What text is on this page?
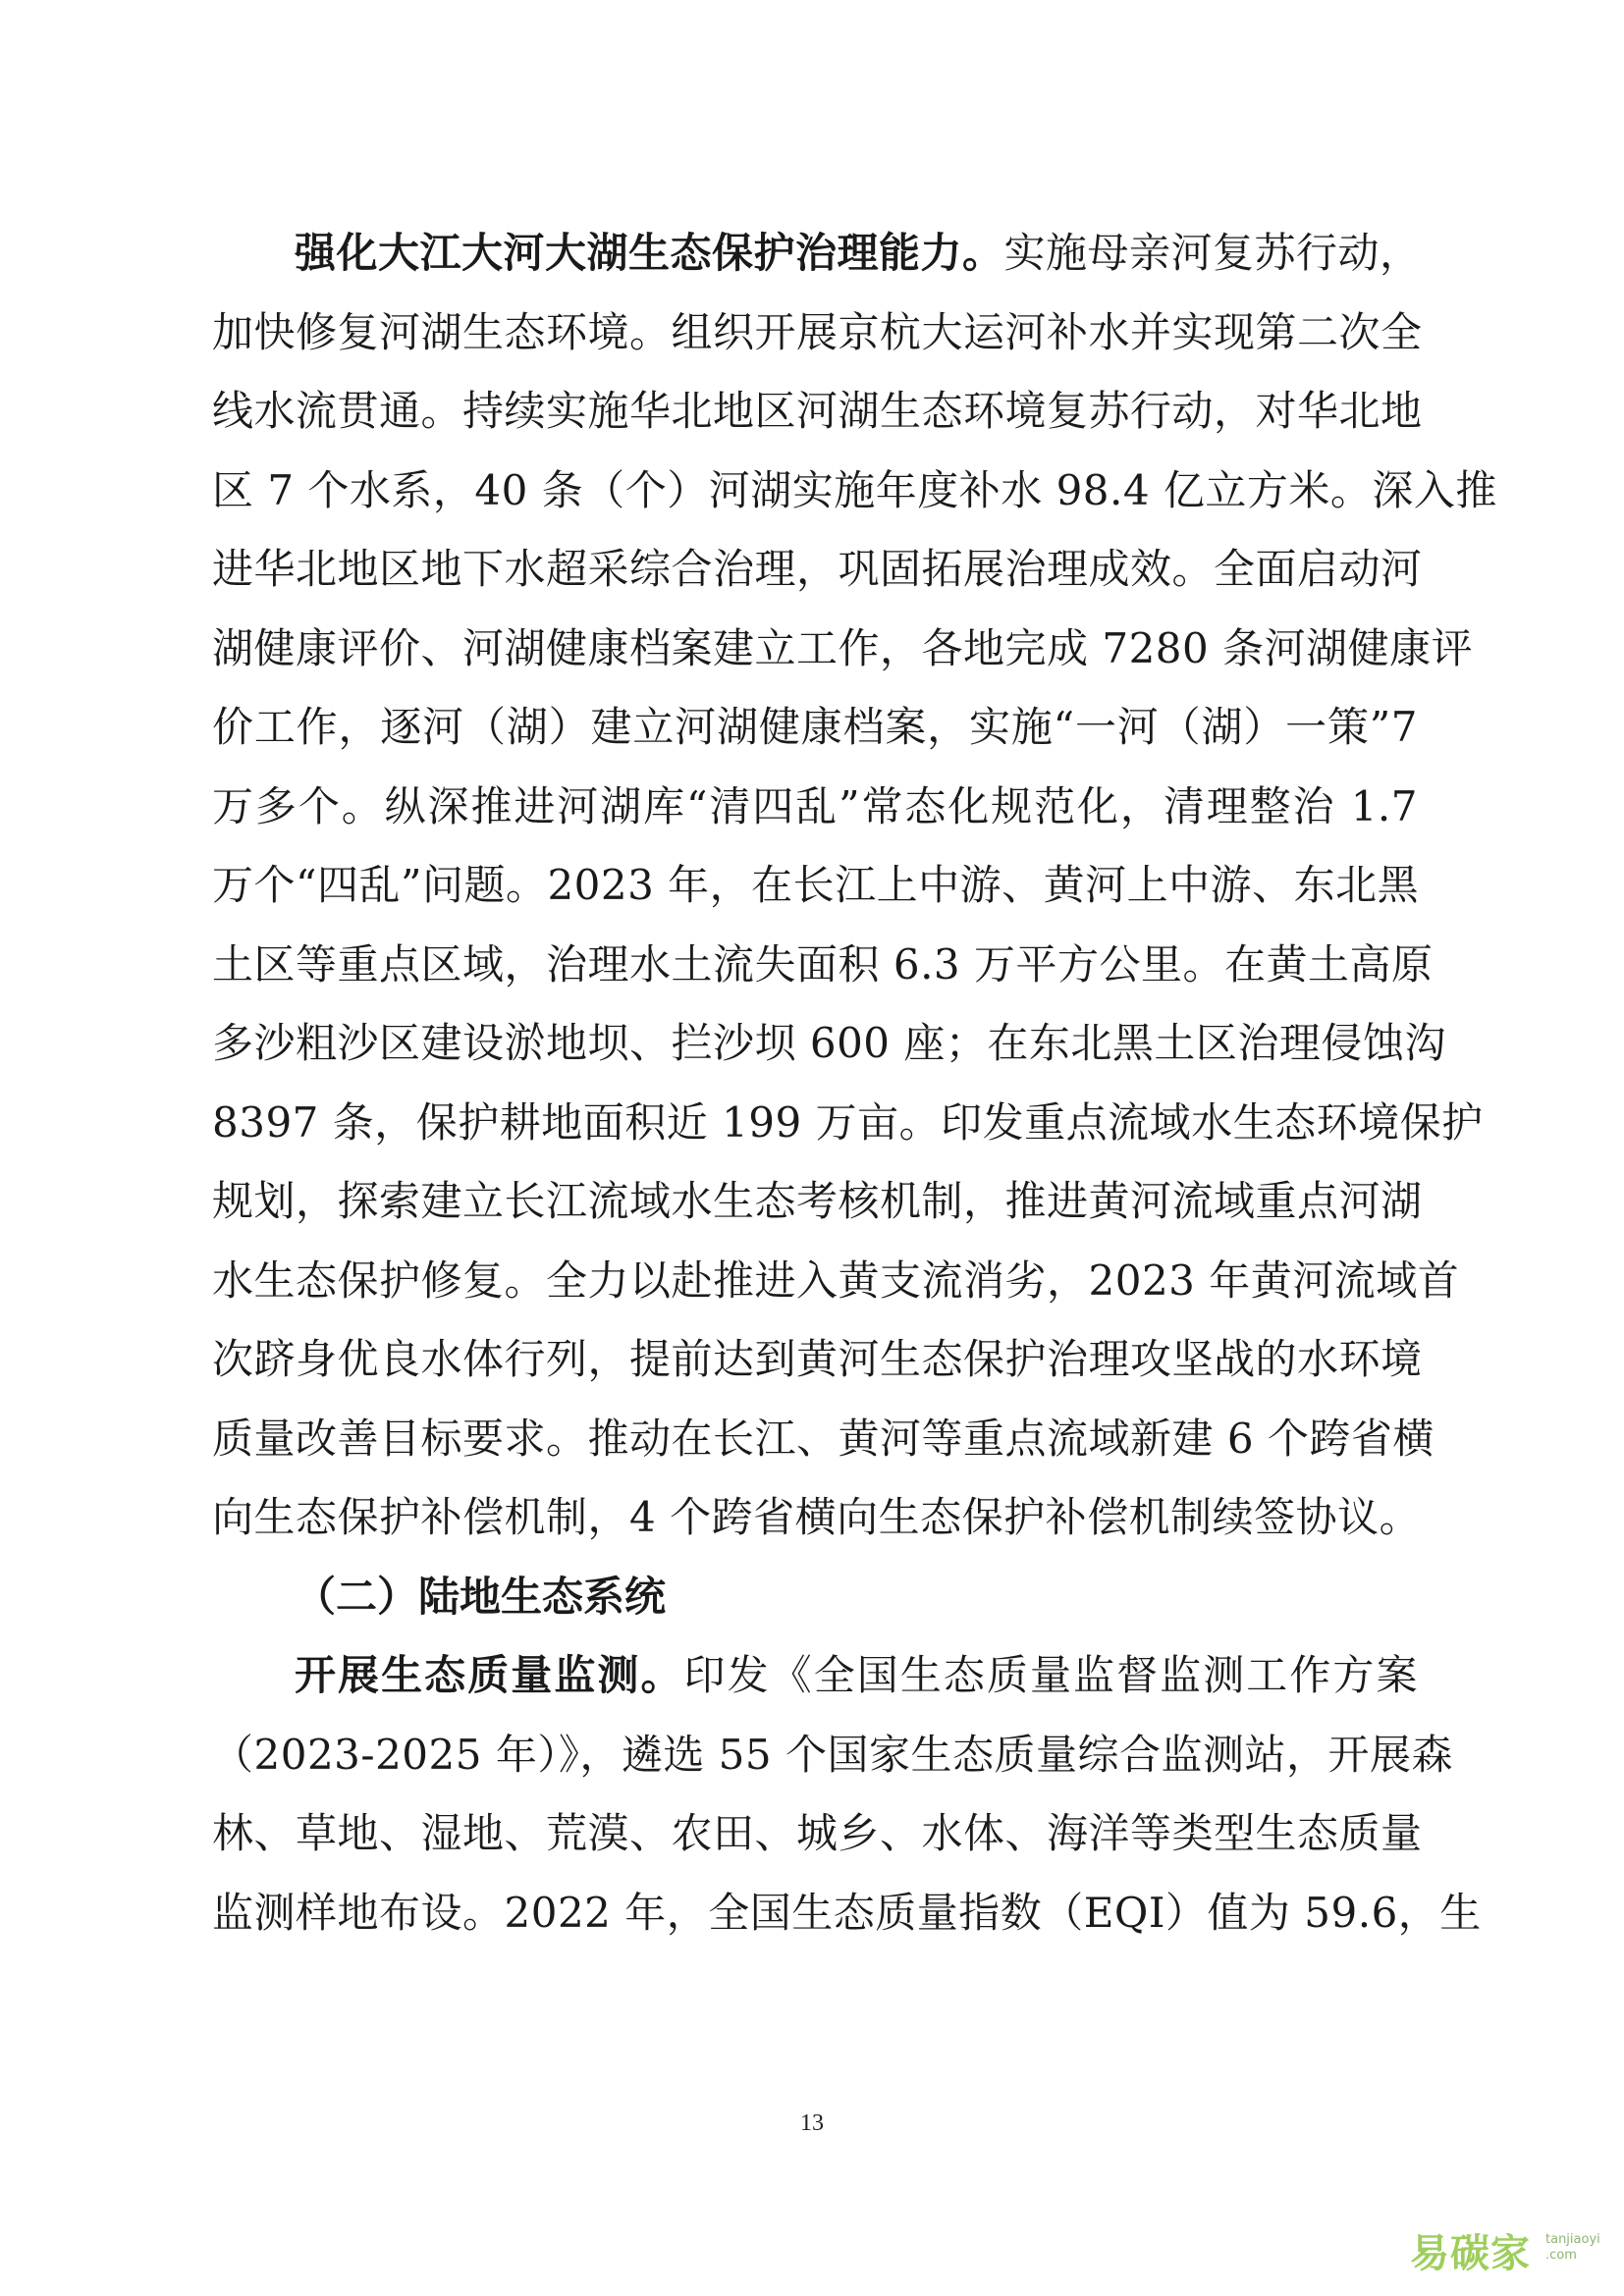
强化大江大河大湖生态保护治理能力。实施母亲河复苏行动，
加快修复河湖生态环境。组织开展京杭大运河补水并实现第二次全
线水流贯通。持续实施华北地区河湖生态环境复苏行动，对华北地
区 7 个水系，40 条（个）河湖实施年度补水 98.4 亿立方米。深入推
进华北地区地下水超采综合治理，巩固拓展治理成效。全面启动河
湖健康评价、河湖健康档案建立工作，各地完成 7280 条河湖健康评
价工作，逐河（湖）建立河湖健康档案，实施“一河（湖）一策”7
万多个。纵深推进河湖库“清四乱”常态化规范化，清理整治 1.7
万个“四乱”问题。2023 年，在长江上中游、黄河上中游、东北黑
土区等重点区域，治理水土流失面积 6.3 万平方公里。在黄土高原
多沙粗沙区建设淤地坝、拦沙坝 600 座；在东北黑土区治理侵蚀沟
8397 条，保护耕地面积近 199 万亩。印发重点流域水生态环境保护
规划，探索建立长江流域水生态考核机制，推进黄河流域重点河湖
水生态保护修复。全力以赴推进入黄支流消劣，2023 年黄河流域首
次跻身优良水体行列，提前达到黄河生态保护治理攻坚战的水环境
质量改善目标要求。推动在长江、黄河等重点流域新建 6 个跨省横
向生态保护补偿机制，4 个跨省横向生态保护补偿机制续签协议。
（二）陆地生态系统
开展生态质量监测。印发《全国生态质量监督监测工作方案
（2023-2025 年）》，遴选 55 个国家生态质量综合监测站，开展森
林、草地、湿地、荒漠、农田、城乡、水体、海洋等类型生态质量
监测样地布设。2022 年，全国生态质量指数（EQI）值为 59.6，生
13
易碳家 tanjiaoyi .com
